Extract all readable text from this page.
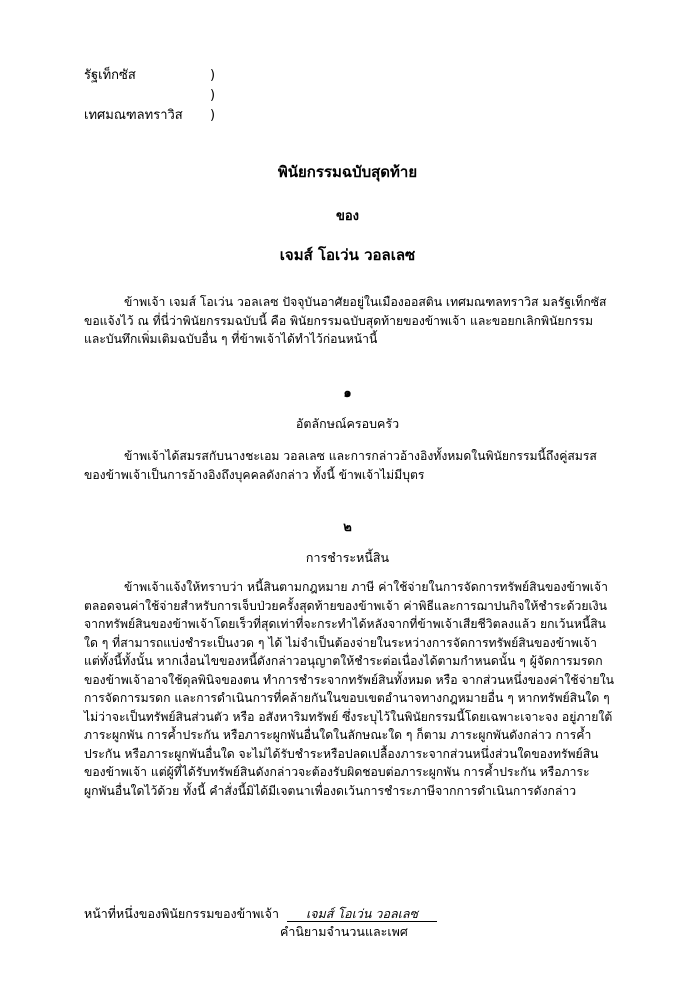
รัฐเท็กซัส	)
)
เทศมณฑลทราวิส )
พินัยกรรมฉบับสุดท้าย
ของ
เจมส์ โอเว่น วอลเลซ
ข้าพเจ้า เจมส์ โอเว่น วอลเลซ ปัจจุบันอาศัยอยู่ในเมืองออสติน เทศมณฑลทราวิส มลรัฐเท็กซัส ขอแจ้งไว้ ณ ที่นี่ว่าพินัยกรรมฉบับนี้ คือ พินัยกรรมฉบับสุดท้ายของข้าพเจ้า และขอยกเลิกพินัยกรรมและบันทึกเพิ่มเติมฉบับอื่น ๆ ที่ข้าพเจ้าได้ทำไว้ก่อนหน้านี้
๑
อัตลักษณ์ครอบครัว
ข้าพเจ้าได้สมรสกับนางชะเอม วอลเลซ และการกล่าวอ้างอิงทั้งหมดในพินัยกรรมนี้ถึงคู่สมรสของข้าพเจ้าเป็นการอ้างอิงถึงบุคคลดังกล่าว ทั้งนี้ ข้าพเจ้าไม่มีบุตร
๒
การชำระหนี้สิน
ข้าพเจ้าแจ้งให้ทราบว่า หนี้สินตามกฎหมาย ภาษี ค่าใช้จ่ายในการจัดการทรัพย์สินของข้าพเจ้า ตลอดจนค่าใช้จ่ายสำหรับการเจ็บป่วยครั้งสุดท้ายของข้าพเจ้า ค่าพิธีและการฌาปนกิจให้ชำระด้วยเงินจากทรัพย์สินของข้าพเจ้าโดยเร็วที่สุดเท่าที่จะกระทำได้หลังจากที่ข้าพเจ้าเสียชีวิตลงแล้ว ยกเว้นหนี้สินใด ๆ ที่สามารถแบ่งชำระเป็นงวด ๆ ได้ ไม่จำเป็นต้องจ่ายในระหว่างการจัดการทรัพย์สินของข้าพเจ้า แต่ทั้งนี้ทั้งนั้น หากเงื่อนไขของหนี้ดังกล่าวอนุญาตให้ชำระต่อเนื่องได้ตามกำหนดนั้น ๆ ผู้จัดการมรดกของข้าพเจ้าอาจใช้ดุลพินิจของตน ทำการชำระจากทรัพย์สินทั้งหมด หรือ จากส่วนหนึ่งของค่าใช้จ่ายในการจัดการมรดก และการดำเนินการที่คล้ายกันในขอบเขตอำนาจทางกฎหมายอื่น ๆ หากทรัพย์สินใด ๆ ไม่ว่าจะเป็นทรัพย์สินส่วนตัว หรือ อสังหาริมทรัพย์ ซึ่งระบุไว้ในพินัยกรรมนี้โดยเฉพาะเจาะจง อยู่ภายใต้ภาระผูกพัน การค้ำประกัน หรือภาระผูกพันอื่นใดในลักษณะใด ๆ ก็ตาม ภาระผูกพันดังกล่าว การค้ำประกัน หรือภาระผูกพันอื่นใด จะไม่ได้รับชำระหรือปลดเปลื้องภาระจากส่วนหนึ่งส่วนใดของทรัพย์สินของข้าพเจ้า แต่ผู้ที่ได้รับทรัพย์สินดังกล่าวจะต้องรับผิดชอบต่อภาระผูกพัน การค้ำประกัน หรือภาระผูกพันอื่นใดไว้ด้วย ทั้งนี้ คำสั่งนี้มิได้มีเจตนาเพื่องดเว้นการชำระภาษีจากการดำเนินการดังกล่าว
หน้าที่หนึ่งของพินัยกรรมของข้าพเจ้า เจมส์ โอเว่น วอลเลซ
คำนิยามจำนวนและเพศ
